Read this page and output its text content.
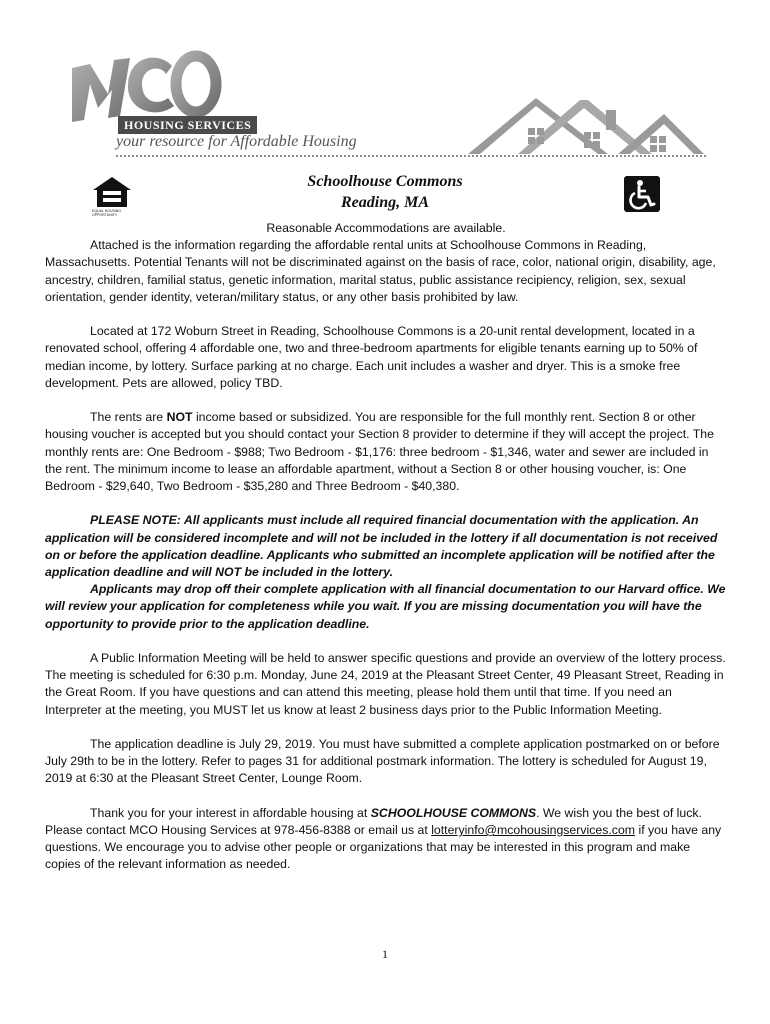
HOUSING SERVICES
your resource for Affordable Housing
EQUAL HOUSING OPPORTUNITY
Schoolhouse Commons
Reading, MA

Reasonable Accommodations are available.

Attached is the information regarding the affordable rental units at Schoolhouse Commons in Reading, Massachusetts. Potential Tenants will not be discriminated against on the basis of race, color, national origin, disability, age, ancestry, children, familial status, genetic information, marital status, public assistance recipiency, religion, sex, sexual orientation, gender identity, veteran/military status, or any other basis prohibited by law.

Located at 172 Woburn Street in Reading, Schoolhouse Commons is a 20-unit rental development, located in a renovated school, offering 4 affordable one, two and three-bedroom apartments for eligible tenants earning up to 50% of median income, by lottery. Surface parking at no charge. Each unit includes a washer and dryer. This is a smoke free development. Pets are allowed, policy TBD.

The rents are NOT income based or subsidized. You are responsible for the full monthly rent. Section 8 or other housing voucher is accepted but you should contact your Section 8 provider to determine if they will accept the project. The monthly rents are: One Bedroom - $988; Two Bedroom - $1,176: three bedroom - $1,346, water and sewer are included in the rent. The minimum income to lease an affordable apartment, without a Section 8 or other housing voucher, is: One Bedroom - $29,640, Two Bedroom - $35,280 and Three Bedroom - $40,380.

PLEASE NOTE: All applicants must include all required financial documentation with the application. An application will be considered incomplete and will not be included in the lottery if all documentation is not received on or before the application deadline. Applicants who submitted an incomplete application will be notified after the application deadline and will NOT be included in the lottery.

Applicants may drop off their complete application with all financial documentation to our Harvard office. We will review your application for completeness while you wait. If you are missing documentation you will have the opportunity to provide prior to the application deadline.

A Public Information Meeting will be held to answer specific questions and provide an overview of the lottery process. The meeting is scheduled for 6:30 p.m. Monday, June 24, 2019 at the Pleasant Street Center, 49 Pleasant Street, Reading in the Great Room. If you have questions and can attend this meeting, please hold them until that time. If you need an Interpreter at the meeting, you MUST let us know at least 2 business days prior to the Public Information Meeting.

The application deadline is July 29, 2019. You must have submitted a complete application postmarked on or before July 29th to be in the lottery. Refer to pages 31 for additional postmark information. The lottery is scheduled for August 19, 2019 at 6:30 at the Pleasant Street Center, Lounge Room.

Thank you for your interest in affordable housing at SCHOOLHOUSE COMMONS. We wish you the best of luck. Please contact MCO Housing Services at 978-456-8388 or email us at lotteryinfo@mcohousingservices.com if you have any questions. We encourage you to advise other people or organizations that may be interested in this program and make copies of the relevant information as needed.

1
